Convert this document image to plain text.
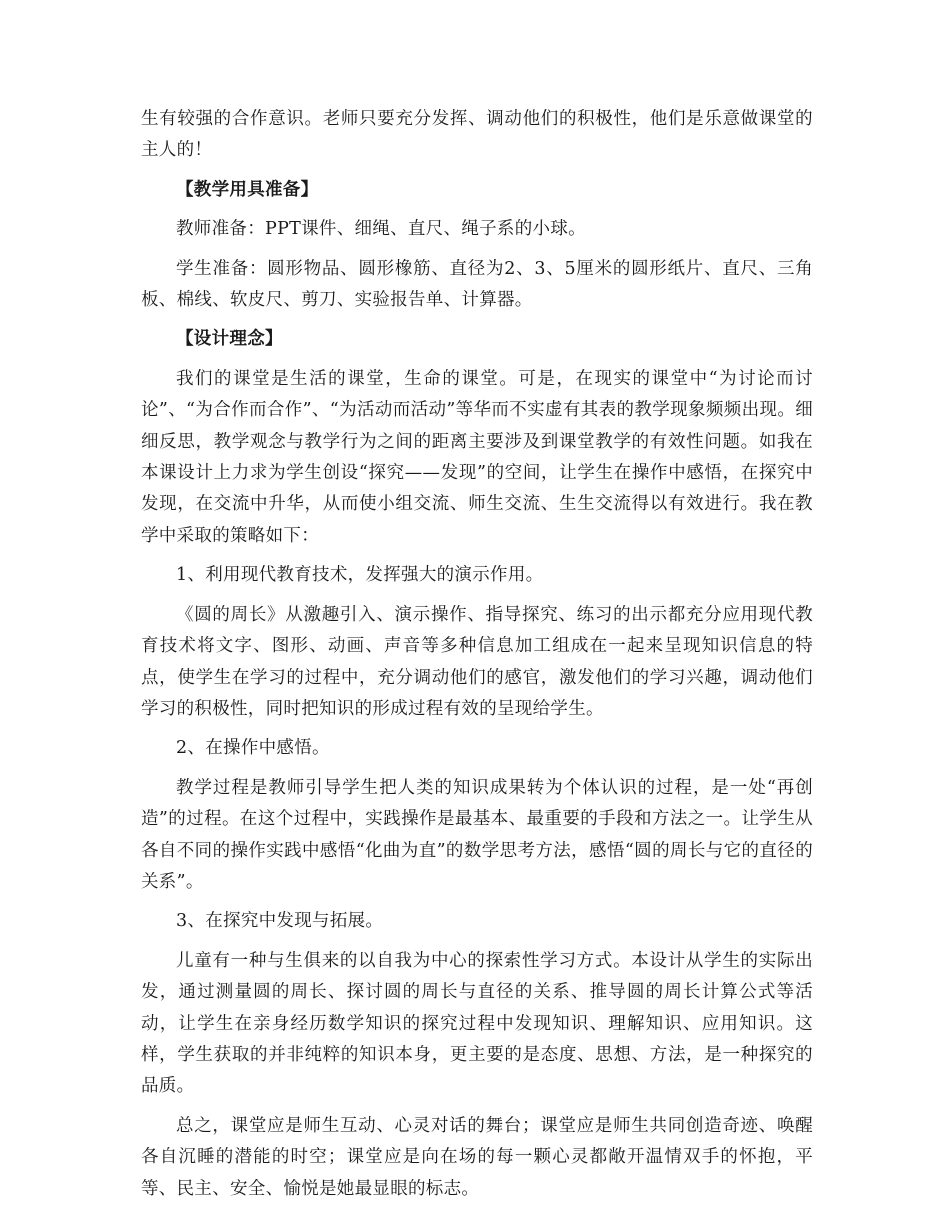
生有较强的合作意识。老师只要充分发挥、调动他们的积极性，他们是乐意做课堂的主人的！

【教学用具准备】

教师准备：PPT课件、细绳、直尺、绳子系的小球。

学生准备：圆形物品、圆形橡筋、直径为2、3、5厘米的圆形纸片、直尺、三角板、棉线、软皮尺、剪刀、实验报告单、计算器。

【设计理念】

我们的课堂是生活的课堂，生命的课堂。可是，在现实的课堂中“为讨论而讨论”、“为合作而合作”、“为活动而活动”等华而不实虚有其表的教学现象频频出现。细细反思，教学观念与教学行为之间的距离主要涉及到课堂教学的有效性问题。如我在本课设计上力求为学生创设“探究——发现”的空间，让学生在操作中感悟，在探究中发现，在交流中升华，从而使小组交流、师生交流、生生交流得以有效进行。我在教学中采取的策略如下：

1、利用现代教育技术，发挥强大的演示作用。

《圆的周长》从激趣引入、演示操作、指导探究、练习的出示都充分应用现代教育技术将文字、图形、动画、声音等多种信息加工组成在一起来呈现知识信息的特点，使学生在学习的过程中，充分调动他们的感官，激发他们的学习兴趣，调动他们学习的积极性，同时把知识的形成过程有效的呈现给学生。

2、在操作中感悟。

教学过程是教师引导学生把人类的知识成果转为个体认识的过程，是一处“再创造”的过程。在这个过程中，实践操作是最基本、最重要的手段和方法之一。让学生从各自不同的操作实践中感悟“化曲为直”的数学思考方法，感悟“圆的周长与它的直径的关系”。

3、在探究中发现与拓展。

儿童有一种与生俱来的以自我为中心的探索性学习方式。本设计从学生的实际出发，通过测量圆的周长、探讨圆的周长与直径的关系、推导圆的周长计算公式等活动，让学生在亲身经历数学知识的探究过程中发现知识、理解知识、应用知识。这样，学生获取的并非纯粹的知识本身，更主要的是态度、思想、方法，是一种探究的品质。

总之，课堂应是师生互动、心灵对话的舞台；课堂应是师生共同创造奇迹、唤醒各自沉睡的潜能的时空；课堂应是向在场的每一颗心灵都敞开温情双手的怀抱，平等、民主、安全、愉悦是她最显眼的标志。
